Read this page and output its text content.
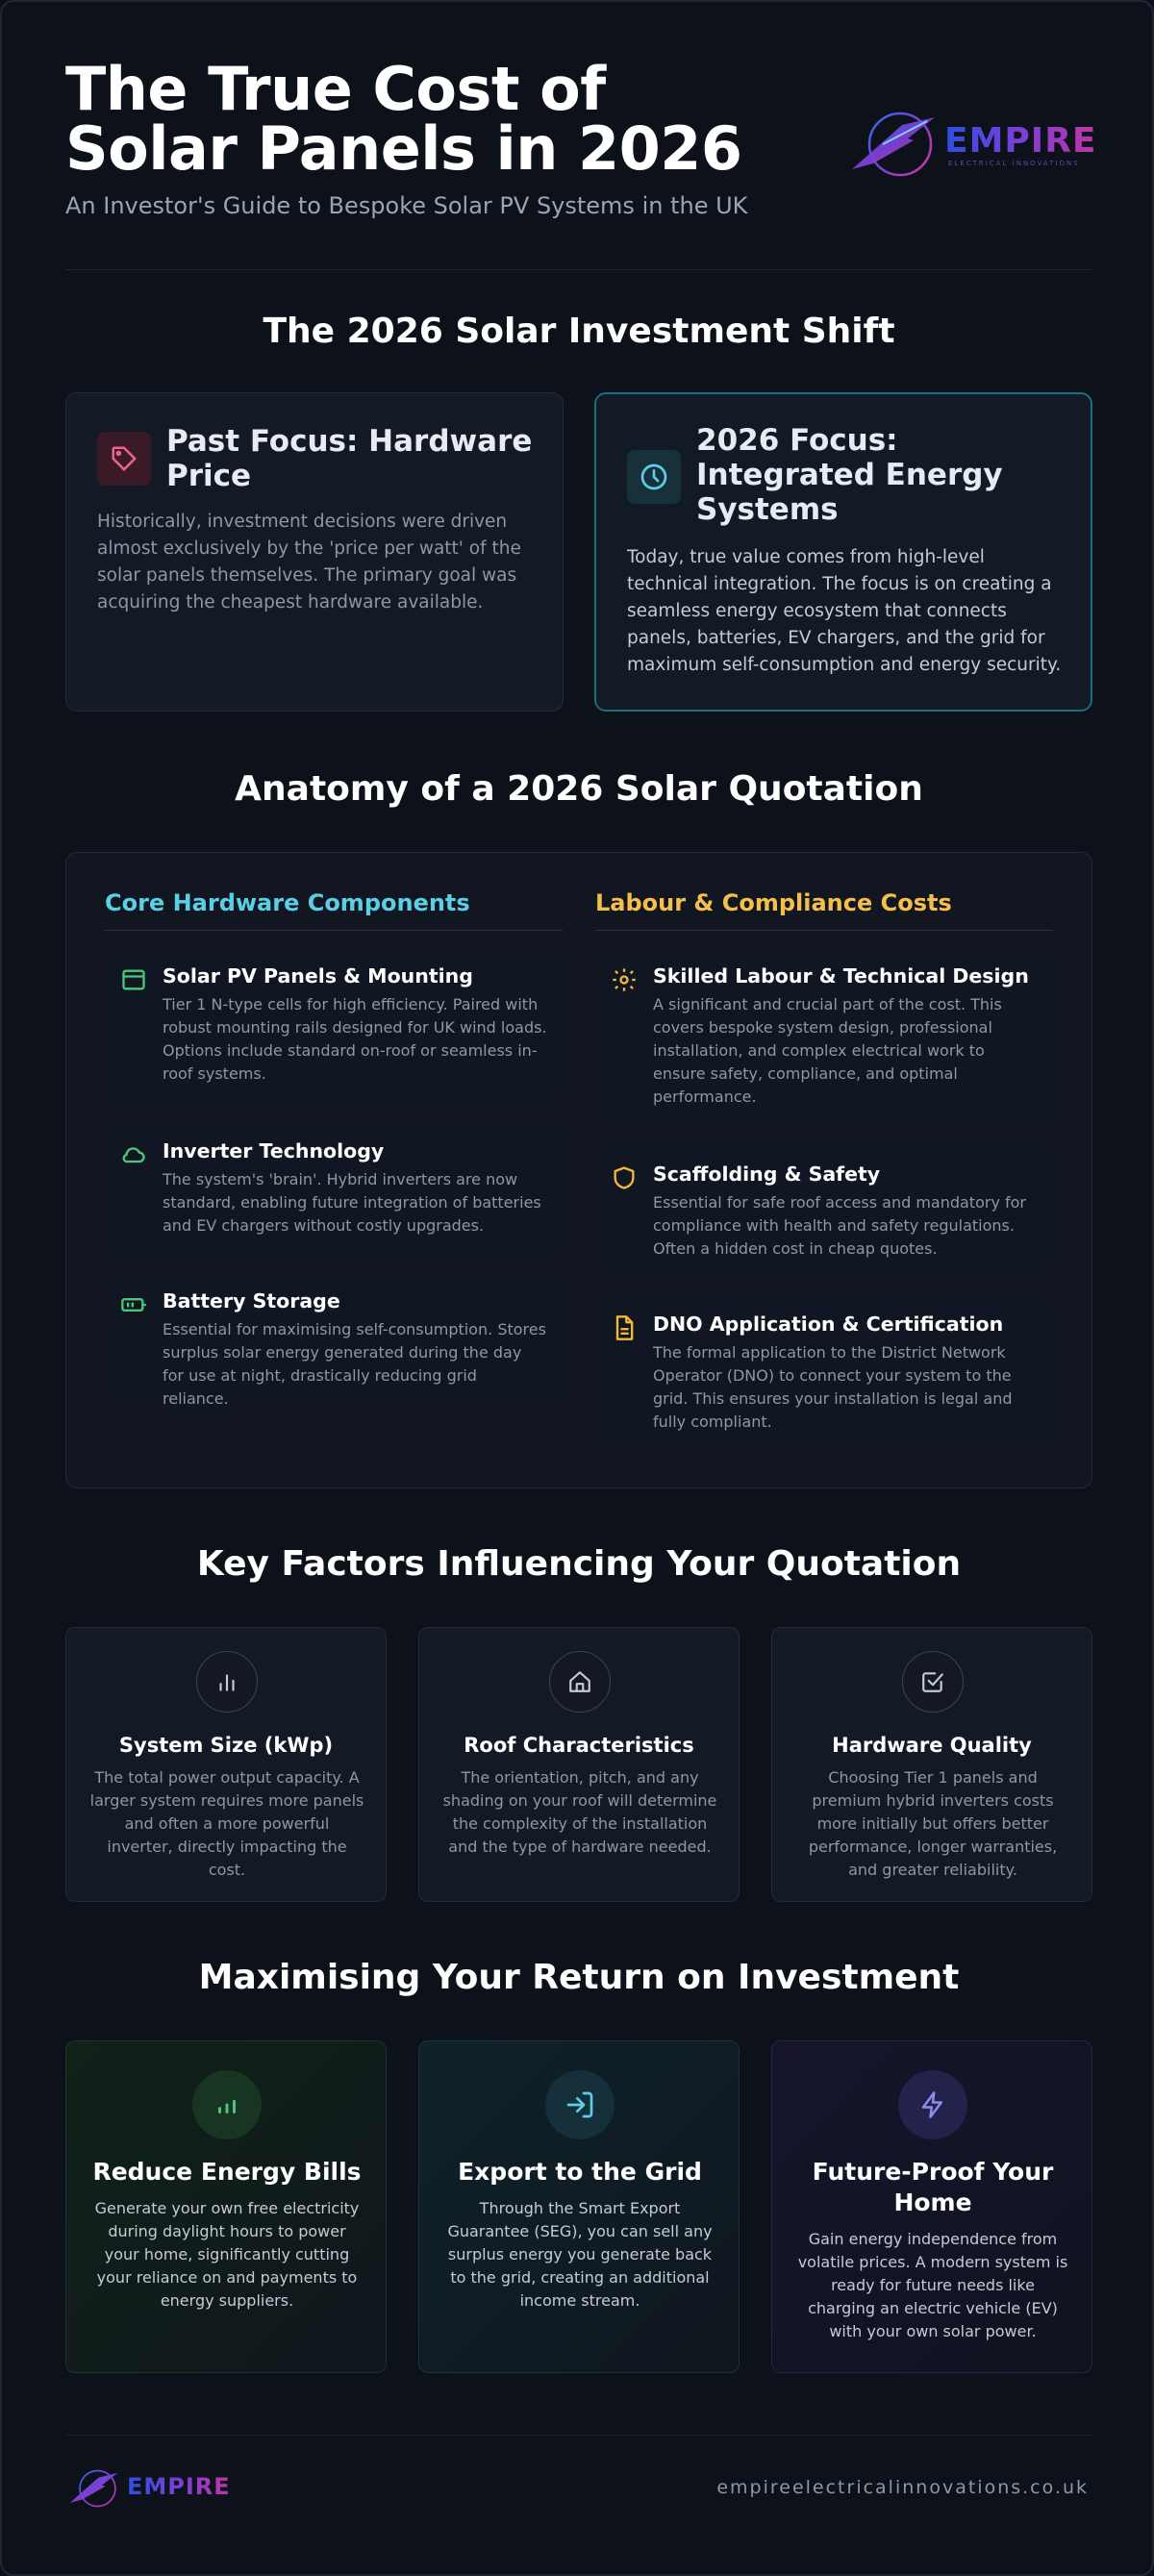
The True Cost of Solar Panels in 2026
An Investor's Guide to Bespoke Solar PV Systems in the UK
EMPIRE
ELECTRICAL INNOVATIONS
The 2026 Solar Investment Shift
Past Focus: Hardware Price
Historically, investment decisions were driven almost exclusively by the 'price per watt' of the solar panels themselves. The primary goal was acquiring the cheapest hardware available.
2026 Focus: Integrated Energy Systems
Today, true value comes from high-level technical integration. The focus is on creating a seamless energy ecosystem that connects panels, batteries, EV chargers, and the grid for maximum self-consumption and energy security.
Anatomy of a 2026 Solar Quotation
Core Hardware Components	Labour & Compliance Costs
Solar PV Panels & Mounting
Tier 1 N-type cells for high efficiency. Paired with robust mounting rails designed for UK wind loads. Options include standard on-roof or seamless in-roof systems.
Inverter Technology
The system's 'brain'. Hybrid inverters are now standard, enabling future integration of batteries and EV chargers without costly upgrades.
Battery Storage
Essential for maximising self-consumption. Stores surplus solar energy generated during the day for use at night, drastically reducing grid reliance.
Skilled Labour & Technical Design
A significant and crucial part of the cost. This covers bespoke system design, professional installation, and complex electrical work to ensure safety, compliance, and optimal performance.
Scaffolding & Safety
Essential for safe roof access and mandatory for compliance with health and safety regulations. Often a hidden cost in cheap quotes.
DNO Application & Certification
The formal application to the District Network Operator (DNO) to connect your system to the grid. This ensures your installation is legal and fully compliant.
Key Factors Influencing Your Quotation
System Size (kWp)
The total power output capacity. A larger system requires more panels and often a more powerful inverter, directly impacting the cost.
Roof Characteristics
The orientation, pitch, and any shading on your roof will determine the complexity of the installation and the type of hardware needed.
Hardware Quality
Choosing Tier 1 panels and premium hybrid inverters costs more initially but offers better performance, longer warranties, and greater reliability.
Maximising Your Return on Investment
Reduce Energy Bills
Generate your own free electricity during daylight hours to power your home, significantly cutting your reliance on and payments to energy suppliers.
Export to the Grid
Through the Smart Export Guarantee (SEG), you can sell any surplus energy you generate back to the grid, creating an additional income stream.
Future-Proof Your Home
Gain energy independence from volatile prices. A modern system is ready for future needs like charging an electric vehicle (EV) with your own solar power.
EMPIRE	empireelectricalinnovations.co.uk
